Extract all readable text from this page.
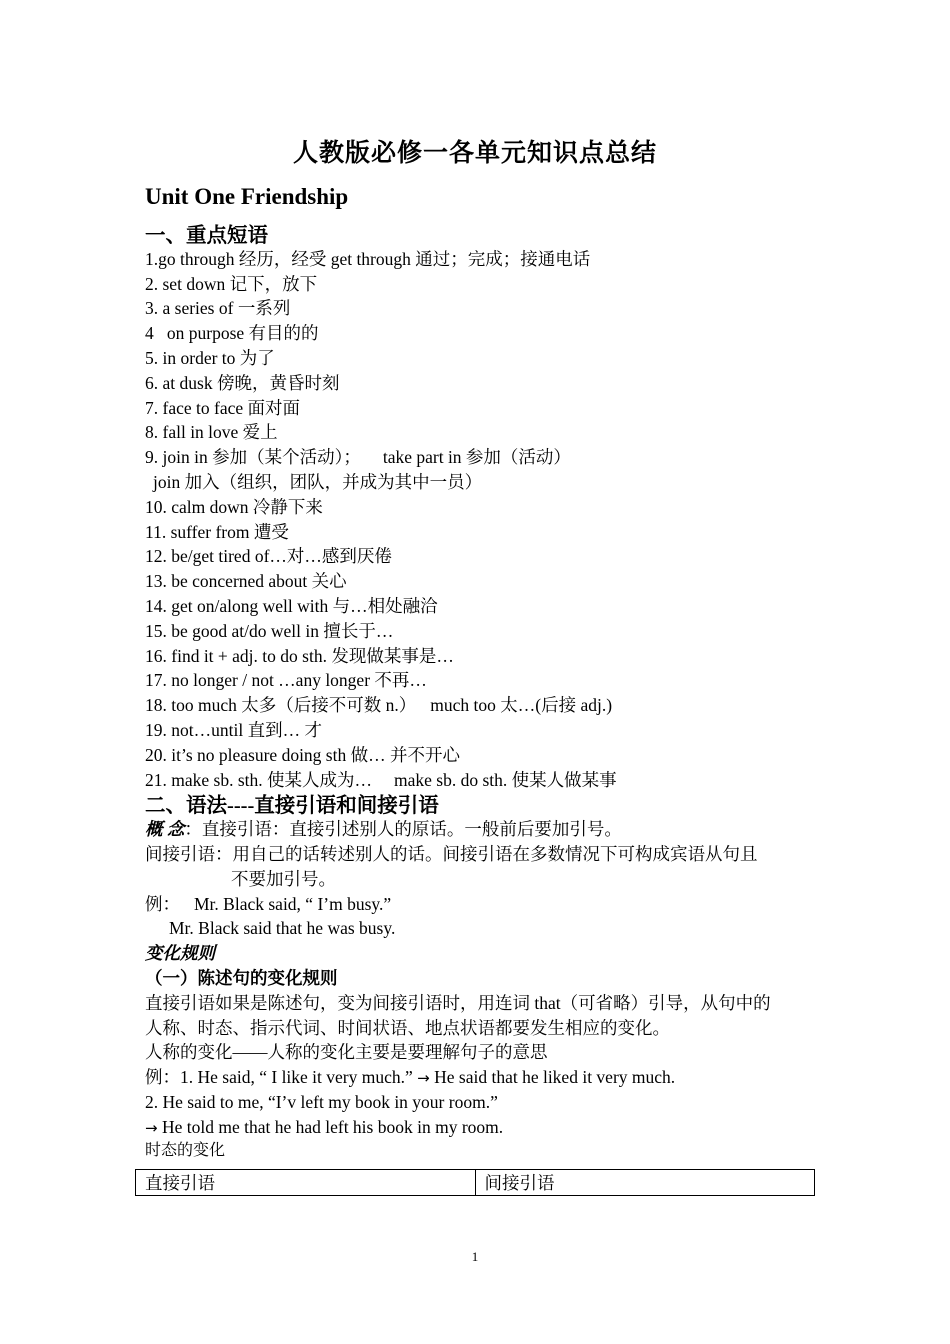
人教版必修一各单元知识点总结
Unit One Friendship
一、重点短语
1.go through 经历，经受 get through 通过；完成；接通电话
2. set down 记下，放下
3. a series of 一系列
4   on purpose 有目的的
5. in order to 为了
6. at dusk 傍晚，黄昏时刻
7. face to face 面对面
8. fall in love 爱上
9. join in 参加（某个活动）； take part in 参加（活动）
join 加入（组织，团队，并成为其中一员）
10. calm down 冷静下来
11. suffer from 遭受
12. be/get tired of…对…感到厌倦
13. be concerned about 关心
14. get on/along well with 与…相处融洽
15. be good at/do well in 擅长于…
16. find it + adj. to do sth. 发现做某事是…
17. no longer / not …any longer 不再…
18. too much 太多（后接不可数 n.） much too 太…(后接 adj.)
19. not…until 直到… 才
20. it’s no pleasure doing sth 做… 并不开心
21. make sb. sth. 使某人成为… make sb. do sth. 使某人做某事
二、语法----直接引语和间接引语
概 念：直接引语：直接引述别人的原话。一般前后要加引号。
间接引语：用自己的话转述别人的话。间接引语在多数情况下可构成宾语从句且
不要加引号。
例： Mr. Black said, “ I’m busy.”
Mr. Black said that he was busy.
变化规则
（一）陈述句的变化规则
直接引语如果是陈述句，变为间接引语时，用连词 that（可省略）引导，从句中的
人称、时态、指示代词、时间状语、地点状语都要发生相应的变化。
人称的变化——人称的变化主要是要理解句子的意思
例：1. He said, “ I like it very much.” → He said that he liked it very much.
2. He said to me, “I’v left my book in your room.”
→ He told me that he had left his book in my room.
时态的变化
直接引语	间接引语
1
